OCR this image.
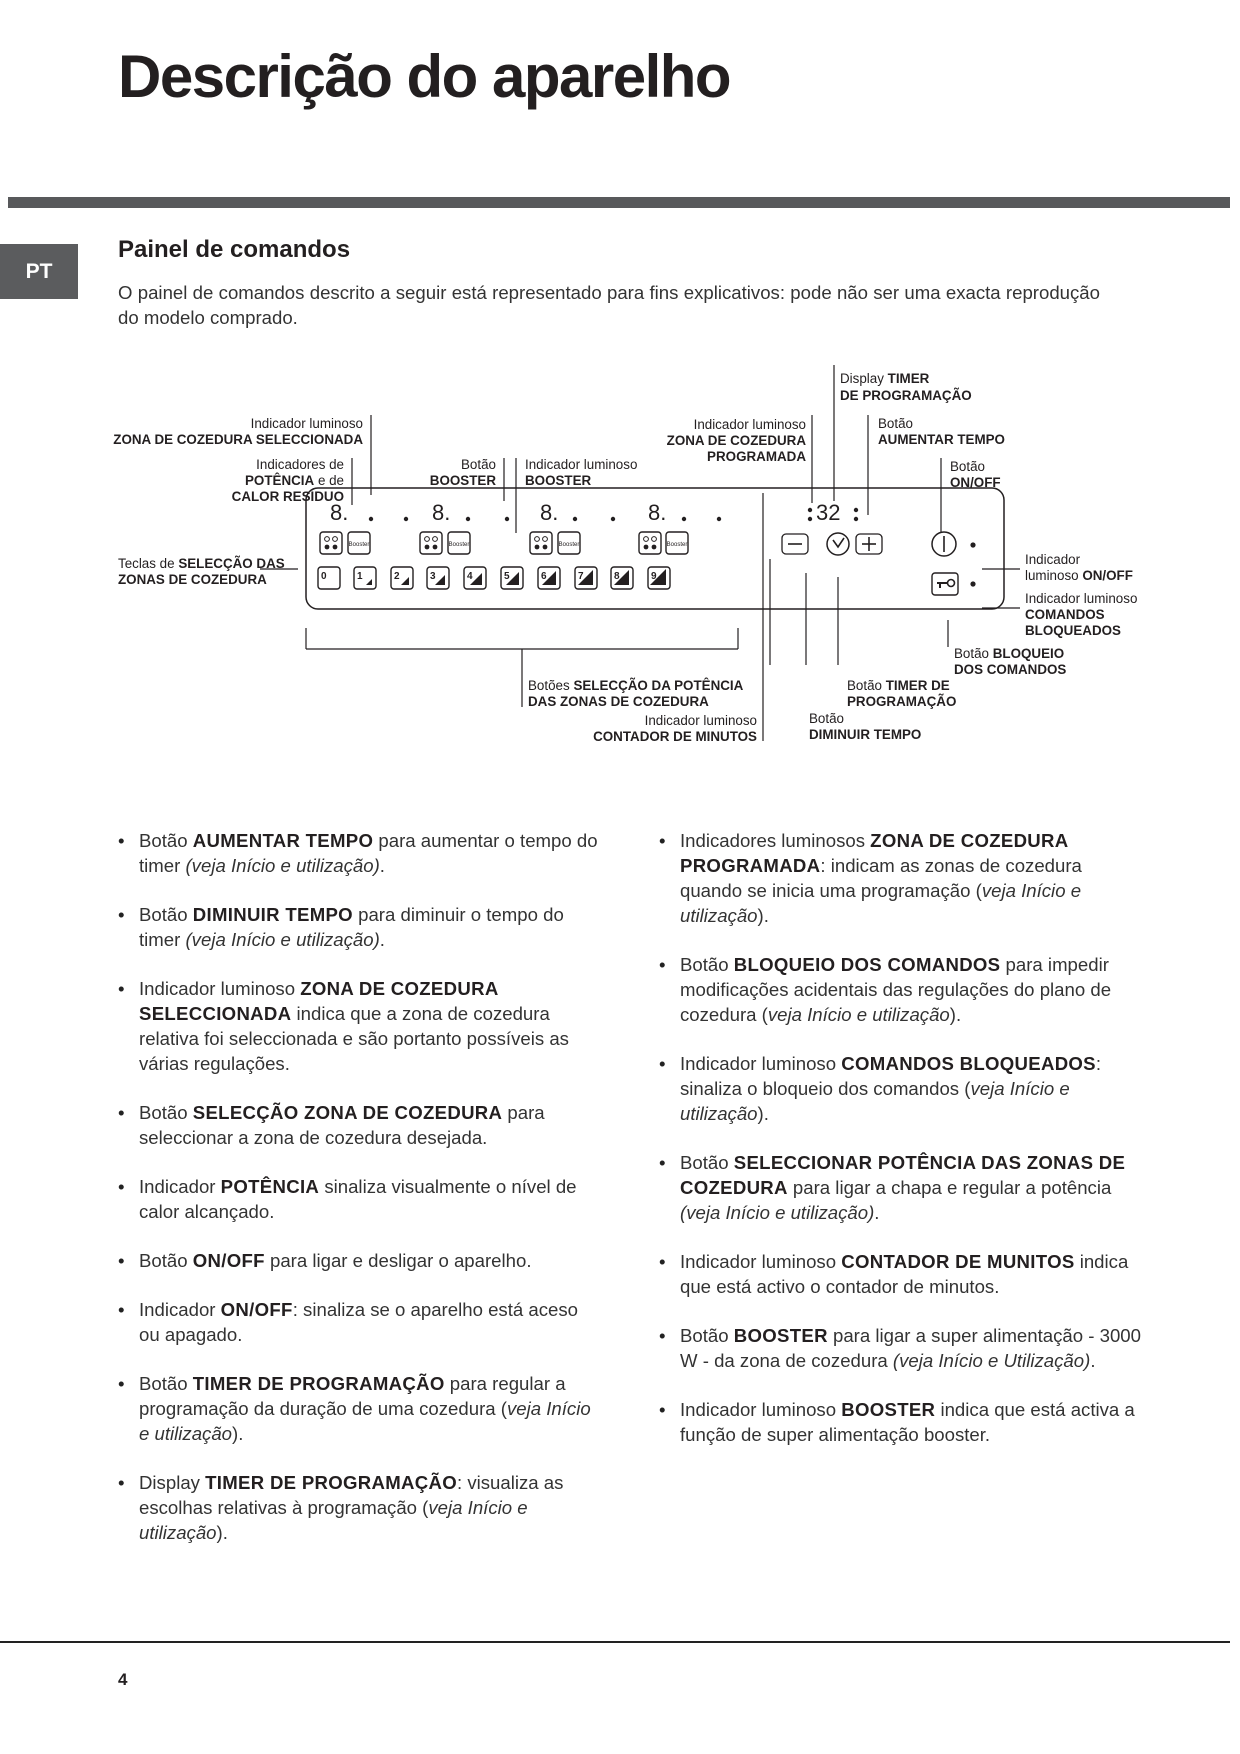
Descrição do aparelho
PT
Painel de comandos

O painel de comandos descrito a seguir está representado para fins explicativos: pode não ser uma exacta reprodução do modelo comprado.

Display TIMER
DE PROGRAMAÇÃO
Indicador luminoso
ZONA DE COZEDURA SELECCIONADA
Indicadores de
POTÊNCIA e de
CALOR RESÍDUO
Botão
BOOSTER
Indicador luminoso
BOOSTER
Indicador luminoso
ZONA DE COZEDURA
PROGRAMADA
Botão
AUMENTAR TEMPO
Botão
ON/OFF
Teclas de SELECÇÃO DAS
ZONAS DE COZEDURA
Indicador
luminoso ON/OFF
Indicador luminoso
COMANDOS
BLOQUEADOS
Botão BLOQUEIO
DOS COMANDOS
Botões SELECÇÃO DA POTÊNCIA
DAS ZONAS DE COZEDURA
Botão TIMER DE
PROGRAMAÇÃO
Indicador luminoso
CONTADOR DE MINUTOS
Botão
DIMINUIR TEMPO
8.
Booster
8.
Booster
8.
Booster
8.
Booster
0	1	2	3	4	5	6	7	8	9
32
• Botão AUMENTAR TEMPO para aumentar o tempo do timer (veja Início e utilização).
• Botão DIMINUIR TEMPO para diminuir o tempo do timer (veja Início e utilização).
• Indicador luminoso ZONA DE COZEDURA SELECCIONADA indica que a zona de cozedura relativa foi seleccionada e são portanto possíveis as várias regulações.
• Botão SELECÇÃO ZONA DE COZEDURA para seleccionar a zona de cozedura desejada.
• Indicador POTÊNCIA sinaliza visualmente o nível de calor alcançado.
• Botão ON/OFF para ligar e desligar o aparelho.
• Indicador ON/OFF: sinaliza se o aparelho está aceso ou apagado.
• Botão TIMER DE PROGRAMAÇÃO para regular a programação da duração de uma cozedura (veja Início e utilização).
• Display TIMER DE PROGRAMAÇÃO: visualiza as escolhas relativas à programação (veja Início e utilização).
• Indicadores luminosos ZONA DE COZEDURA PROGRAMADA: indicam as zonas de cozedura quando se inicia uma programação (veja Início e utilização).
• Botão BLOQUEIO DOS COMANDOS para impedir modificações acidentais das regulações do plano de cozedura (veja Início e utilização).
• Indicador luminoso COMANDOS BLOQUEADOS: sinaliza o bloqueio dos comandos (veja Início e utilização).
• Botão SELECCIONAR POTÊNCIA DAS ZONAS DE COZEDURA para ligar a chapa e regular a potência (veja Início e utilização).
• Indicador luminoso CONTADOR DE MUNITOS indica que está activo o contador de minutos.
• Botão BOOSTER para ligar a super alimentação - 3000 W - da zona de cozedura (veja Início e Utilização).
• Indicador luminoso BOOSTER indica que está activa a função de super alimentação booster.
4
